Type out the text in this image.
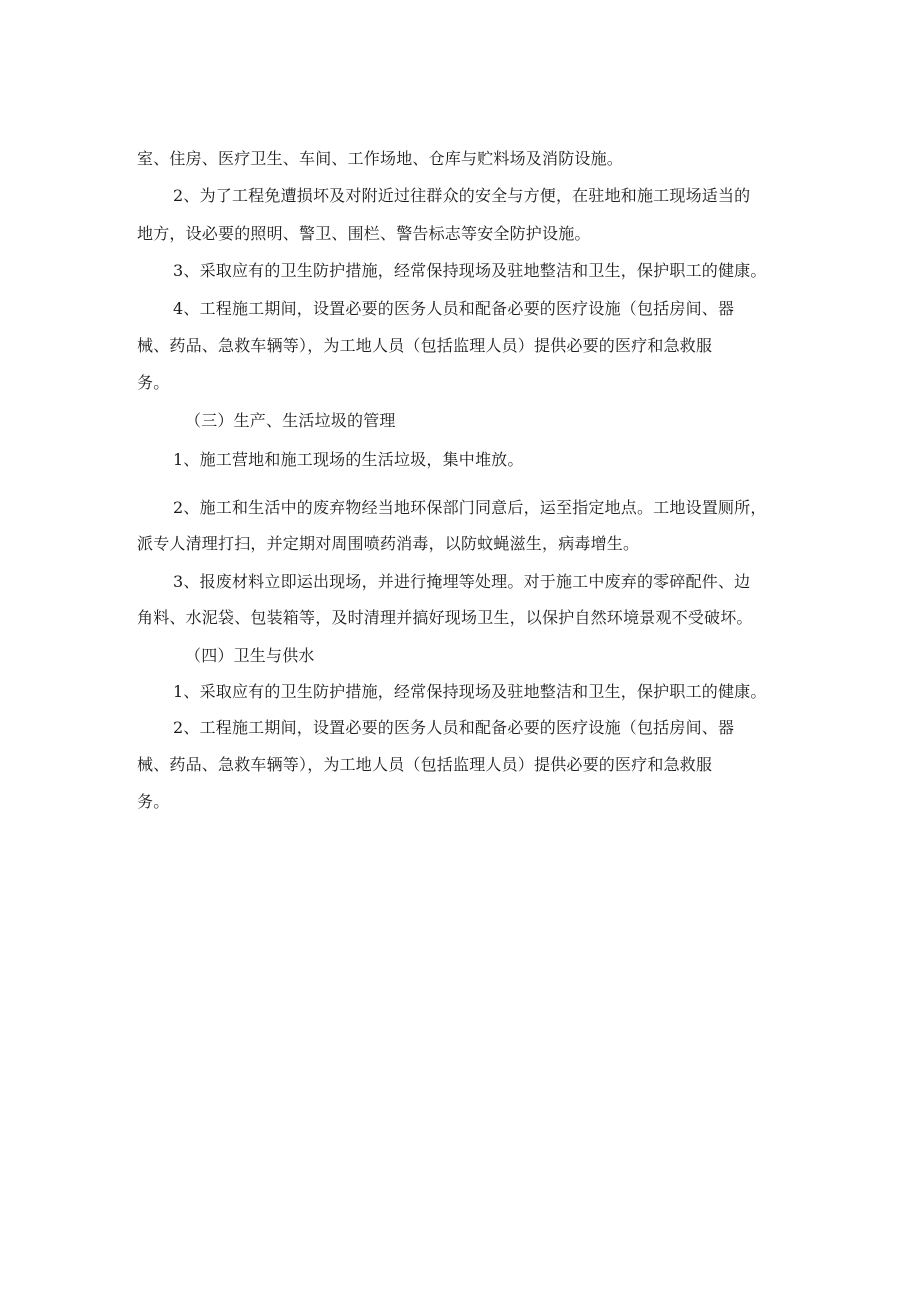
室、住房、医疗卫生、车间、工作场地、仓库与贮料场及消防设施。
2、为了工程免遭损坏及对附近过往群众的安全与方便，在驻地和施工现场适当的
地方，设必要的照明、警卫、围栏、警告标志等安全防护设施。
3、采取应有的卫生防护措施，经常保持现场及驻地整洁和卫生，保护职工的健康。
4、工程施工期间，设置必要的医务人员和配备必要的医疗设施（包括房间、器
械、药品、急救车辆等），为工地人员（包括监理人员）提供必要的医疗和急救服
务。
（三）生产、生活垃圾的管理
1、施工营地和施工现场的生活垃圾，集中堆放。
2、施工和生活中的废弃物经当地环保部门同意后，运至指定地点。工地设置厕所，
派专人清理打扫，并定期对周围喷药消毒，以防蚊蝇滋生，病毒增生。
3、报废材料立即运出现场，并进行掩埋等处理。对于施工中废弃的零碎配件、边
角料、水泥袋、包装箱等，及时清理并搞好现场卫生，以保护自然环境景观不受破坏。
（四）卫生与供水
1、采取应有的卫生防护措施，经常保持现场及驻地整洁和卫生，保护职工的健康。
2、工程施工期间，设置必要的医务人员和配备必要的医疗设施（包括房间、器
械、药品、急救车辆等），为工地人员（包括监理人员）提供必要的医疗和急救服
务。
